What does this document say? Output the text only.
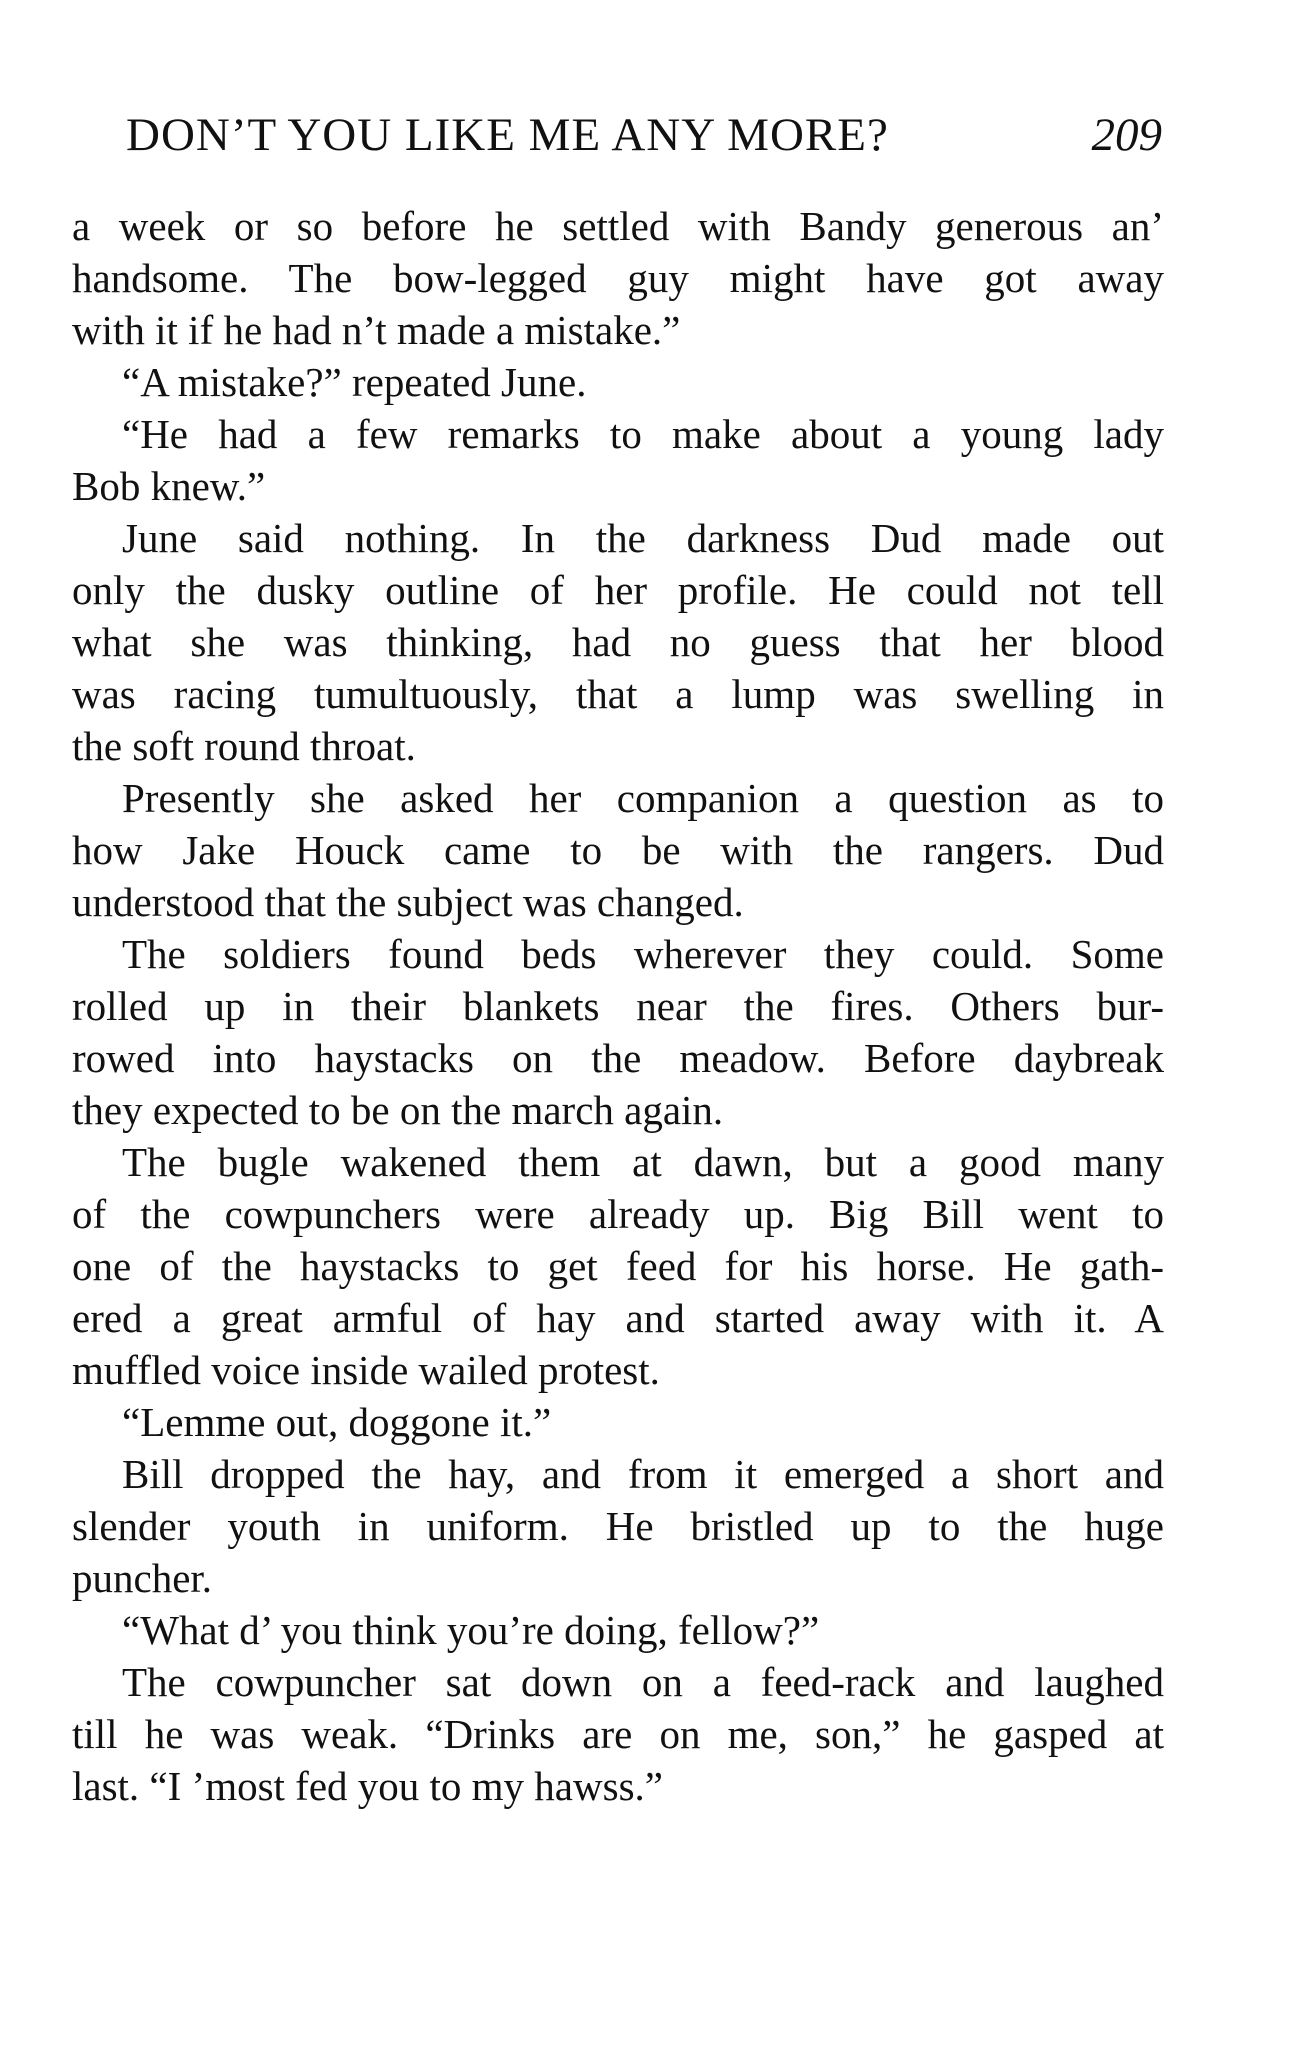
DON’T YOU LIKE ME ANY MORE?	209
a week or so before he settled with Bandy generous an’
handsome. The bow-legged guy might have got away
with it if he had n’t made a mistake.”
“A mistake?” repeated June.
“He had a few remarks to make about a young lady
Bob knew.”
June said nothing. In the darkness Dud made out
only the dusky outline of her profile. He could not tell
what she was thinking, had no guess that her blood
was racing tumultuously, that a lump was swelling in
the soft round throat.
Presently she asked her companion a question as to
how Jake Houck came to be with the rangers. Dud
understood that the subject was changed.
The soldiers found beds wherever they could. Some
rolled up in their blankets near the fires. Others bur-
rowed into haystacks on the meadow. Before daybreak
they expected to be on the march again.
The bugle wakened them at dawn, but a good many
of the cowpunchers were already up. Big Bill went to
one of the haystacks to get feed for his horse. He gath-
ered a great armful of hay and started away with it. A
muffled voice inside wailed protest.
“Lemme out, doggone it.”
Bill dropped the hay, and from it emerged a short and
slender youth in uniform. He bristled up to the huge
puncher.
“What d’ you think you’re doing, fellow?”
The cowpuncher sat down on a feed-rack and laughed
till he was weak. “Drinks are on me, son,” he gasped at
last. “I ’most fed you to my hawss.”
